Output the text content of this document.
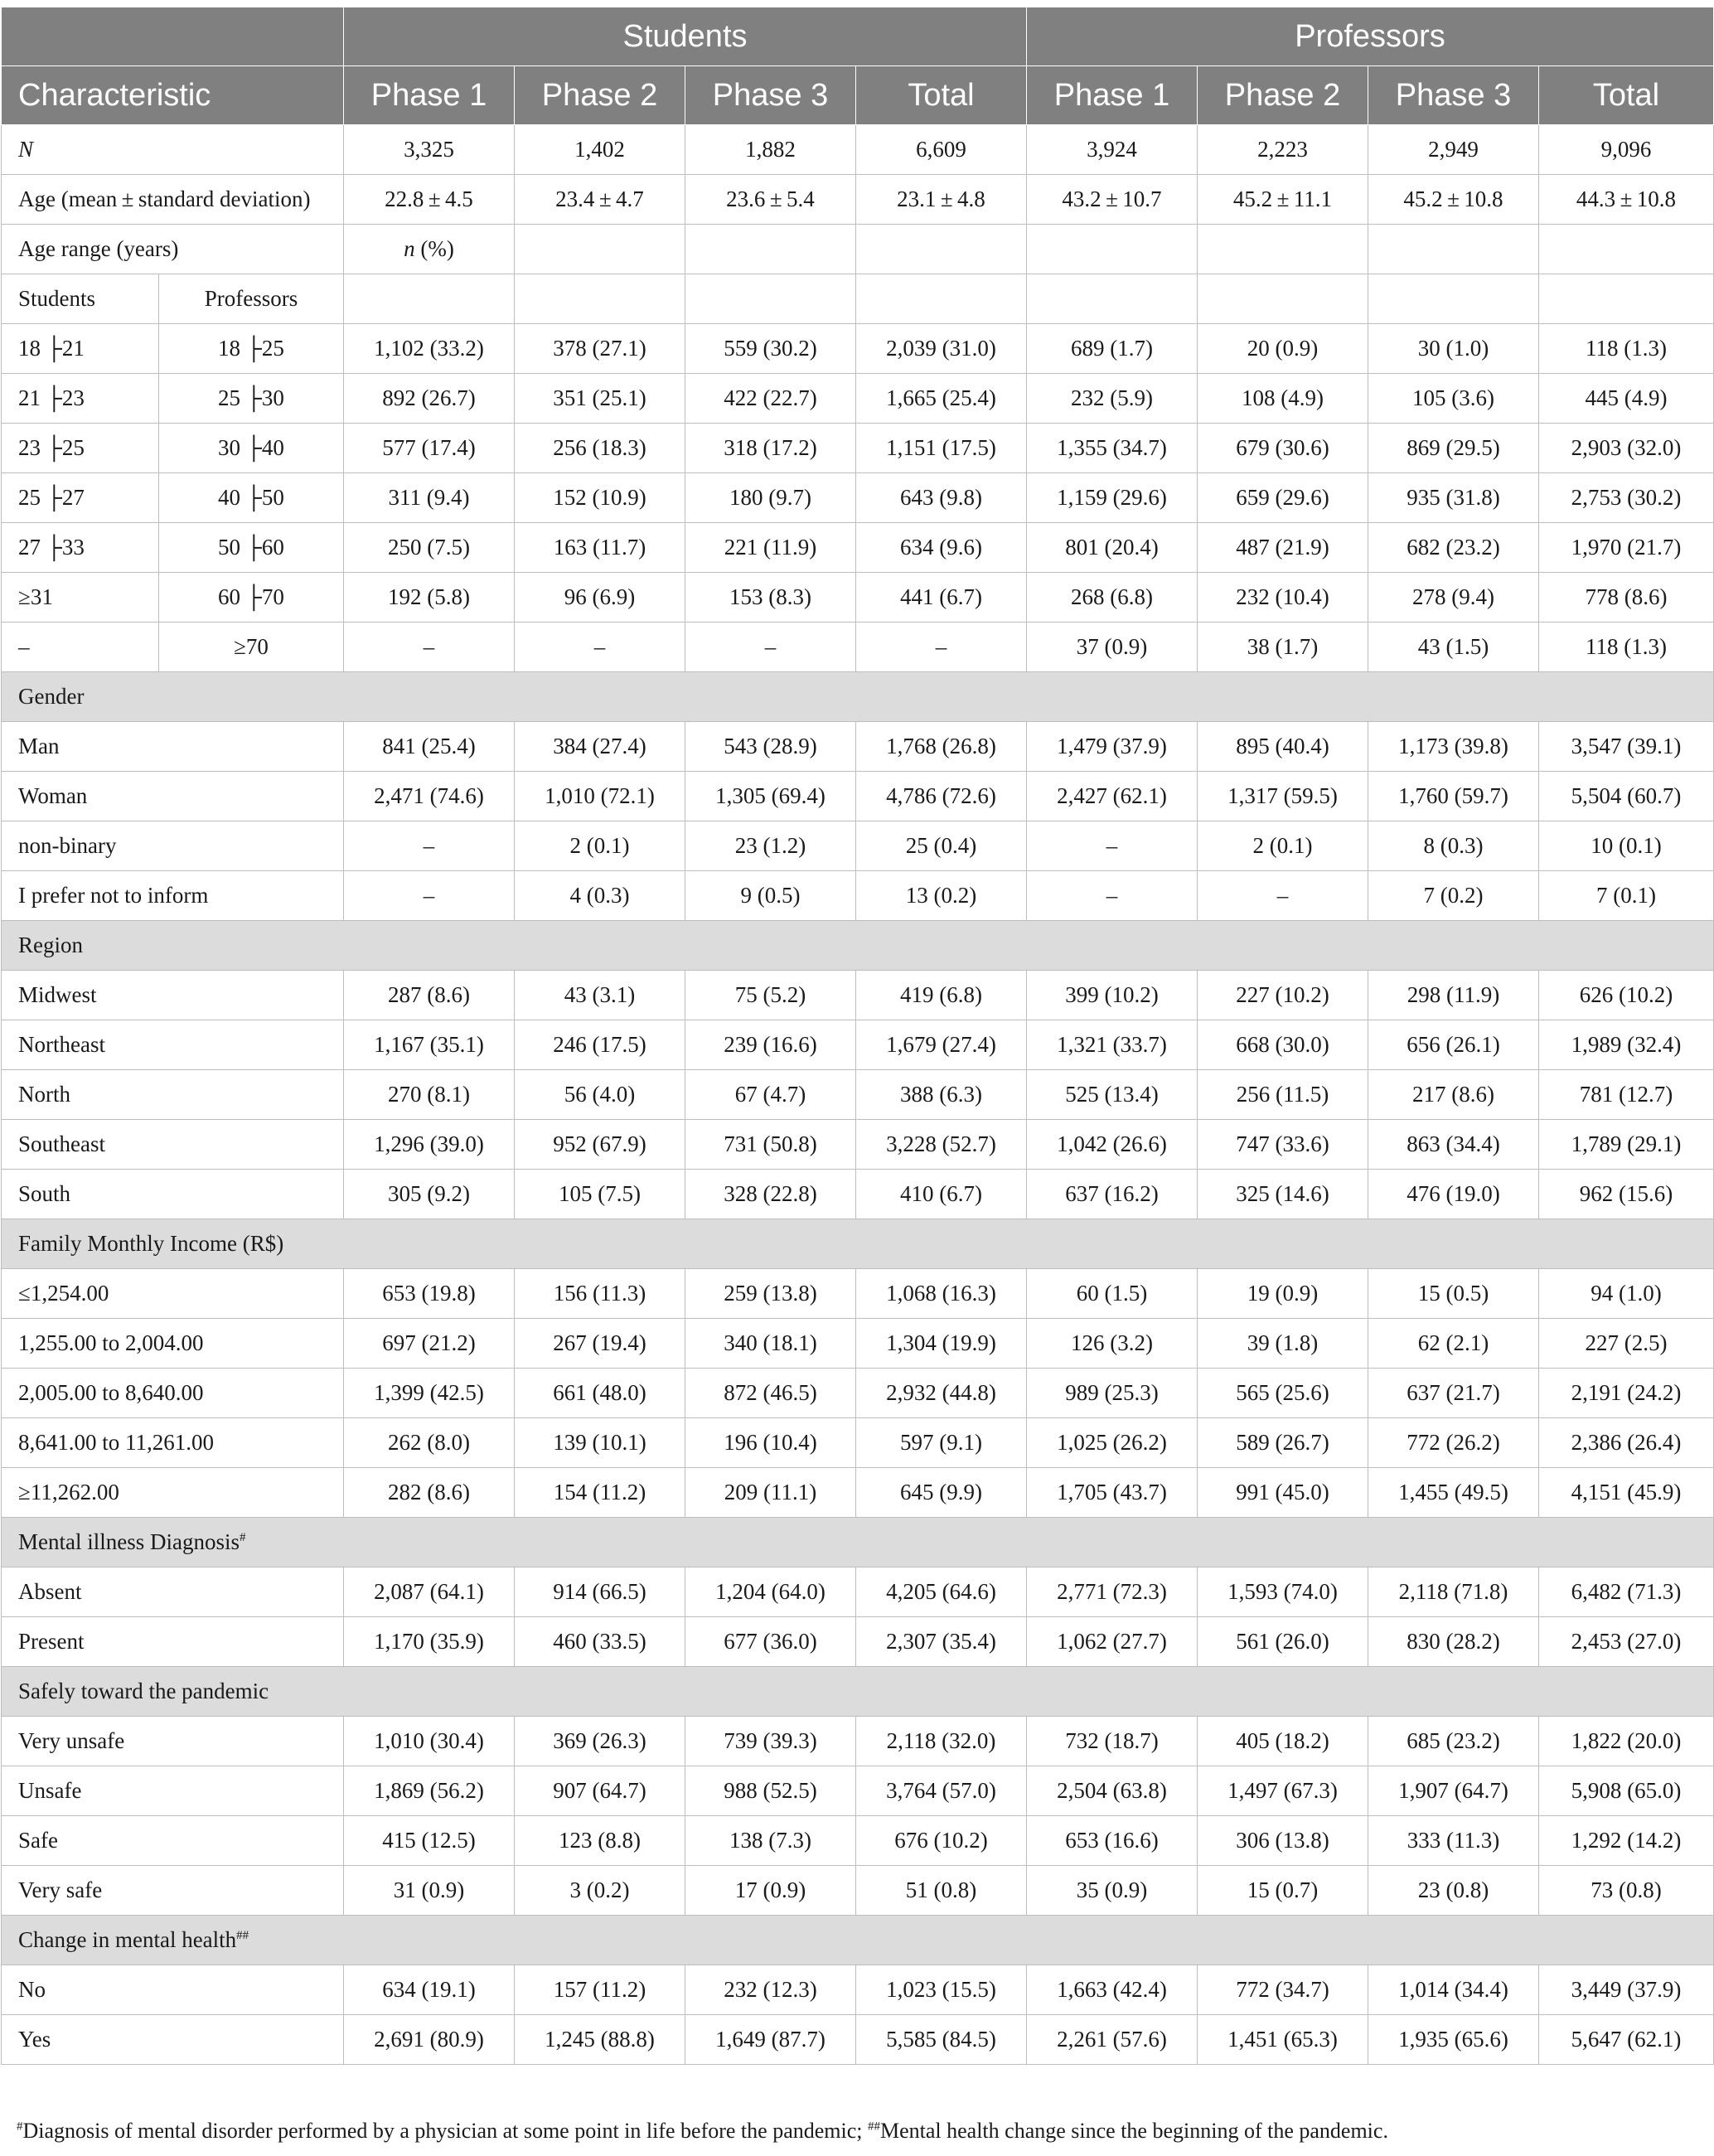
		Students				Professors			
Characteristic		Phase 1	Phase 2	Phase 3	Total	Phase 1	Phase 2	Phase 3	Total
N		3,325	1,402	1,882	6,609	3,924	2,223	2,949	9,096
Age (mean ± standard deviation)		22.8 ± 4.5	23.4 ± 4.7	23.6 ± 5.4	23.1 ± 4.8	43.2 ± 10.7	45.2 ± 11.1	45.2 ± 10.8	44.3 ± 10.8
Age range (years)		n (%)							
Students	Professors								
18 ├21	18 ├25	1,102 (33.2)	378 (27.1)	559 (30.2)	2,039 (31.0)	689 (1.7)	20 (0.9)	30 (1.0)	118 (1.3)
21 ├23	25 ├30	892 (26.7)	351 (25.1)	422 (22.7)	1,665 (25.4)	232 (5.9)	108 (4.9)	105 (3.6)	445 (4.9)
23 ├25	30 ├40	577 (17.4)	256 (18.3)	318 (17.2)	1,151 (17.5)	1,355 (34.7)	679 (30.6)	869 (29.5)	2,903 (32.0)
25 ├27	40 ├50	311 (9.4)	152 (10.9)	180 (9.7)	643 (9.8)	1,159 (29.6)	659 (29.6)	935 (31.8)	2,753 (30.2)
27 ├33	50 ├60	250 (7.5)	163 (11.7)	221 (11.9)	634 (9.6)	801 (20.4)	487 (21.9)	682 (23.2)	1,970 (21.7)
≥31	60 ├70	192 (5.8)	96 (6.9)	153 (8.3)	441 (6.7)	268 (6.8)	232 (10.4)	278 (9.4)	778 (8.6)
–	≥70	–	–	–	–	37 (0.9)	38 (1.7)	43 (1.5)	118 (1.3)
Gender									
Man		841 (25.4)	384 (27.4)	543 (28.9)	1,768 (26.8)	1,479 (37.9)	895 (40.4)	1,173 (39.8)	3,547 (39.1)
Woman		2,471 (74.6)	1,010 (72.1)	1,305 (69.4)	4,786 (72.6)	2,427 (62.1)	1,317 (59.5)	1,760 (59.7)	5,504 (60.7)
non-binary		–	2 (0.1)	23 (1.2)	25 (0.4)	–	2 (0.1)	8 (0.3)	10 (0.1)
I prefer not to inform		–	4 (0.3)	9 (0.5)	13 (0.2)	–	–	7 (0.2)	7 (0.1)
Region									
Midwest		287 (8.6)	43 (3.1)	75 (5.2)	419 (6.8)	399 (10.2)	227 (10.2)	298 (11.9)	626 (10.2)
Northeast		1,167 (35.1)	246 (17.5)	239 (16.6)	1,679 (27.4)	1,321 (33.7)	668 (30.0)	656 (26.1)	1,989 (32.4)
North		270 (8.1)	56 (4.0)	67 (4.7)	388 (6.3)	525 (13.4)	256 (11.5)	217 (8.6)	781 (12.7)
Southeast		1,296 (39.0)	952 (67.9)	731 (50.8)	3,228 (52.7)	1,042 (26.6)	747 (33.6)	863 (34.4)	1,789 (29.1)
South		305 (9.2)	105 (7.5)	328 (22.8)	410 (6.7)	637 (16.2)	325 (14.6)	476 (19.0)	962 (15.6)
Family Monthly Income (R$)									
≤1,254.00		653 (19.8)	156 (11.3)	259 (13.8)	1,068 (16.3)	60 (1.5)	19 (0.9)	15 (0.5)	94 (1.0)
1,255.00 to 2,004.00		697 (21.2)	267 (19.4)	340 (18.1)	1,304 (19.9)	126 (3.2)	39 (1.8)	62 (2.1)	227 (2.5)
2,005.00 to 8,640.00		1,399 (42.5)	661 (48.0)	872 (46.5)	2,932 (44.8)	989 (25.3)	565 (25.6)	637 (21.7)	2,191 (24.2)
8,641.00 to 11,261.00		262 (8.0)	139 (10.1)	196 (10.4)	597 (9.1)	1,025 (26.2)	589 (26.7)	772 (26.2)	2,386 (26.4)
≥11,262.00		282 (8.6)	154 (11.2)	209 (11.1)	645 (9.9)	1,705 (43.7)	991 (45.0)	1,455 (49.5)	4,151 (45.9)
Mental illness Diagnosis#
Absent		2,087 (64.1)	914 (66.5)	1,204 (64.0)	4,205 (64.6)	2,771 (72.3)	1,593 (74.0)	2,118 (71.8)	6,482 (71.3)
Present		1,170 (35.9)	460 (33.5)	677 (36.0)	2,307 (35.4)	1,062 (27.7)	561 (26.0)	830 (28.2)	2,453 (27.0)
Safely toward the pandemic									
Very unsafe		1,010 (30.4)	369 (26.3)	739 (39.3)	2,118 (32.0)	732 (18.7)	405 (18.2)	685 (23.2)	1,822 (20.0)
Unsafe		1,869 (56.2)	907 (64.7)	988 (52.5)	3,764 (57.0)	2,504 (63.8)	1,497 (67.3)	1,907 (64.7)	5,908 (65.0)
Safe		415 (12.5)	123 (8.8)	138 (7.3)	676 (10.2)	653 (16.6)	306 (13.8)	333 (11.3)	1,292 (14.2)
Very safe		31 (0.9)	3 (0.2)	17 (0.9)	51 (0.8)	35 (0.9)	15 (0.7)	23 (0.8)	73 (0.8)
Change in mental health##
No		634 (19.1)	157 (11.2)	232 (12.3)	1,023 (15.5)	1,663 (42.4)	772 (34.7)	1,014 (34.4)	3,449 (37.9)
Yes		2,691 (80.9)	1,245 (88.8)	1,649 (87.7)	5,585 (84.5)	2,261 (57.6)	1,451 (65.3)	1,935 (65.6)	5,647 (62.1)
#Diagnosis of mental disorder performed by a physician at some point in life before the pandemic; ##Mental health change since the beginning of the pandemic.
